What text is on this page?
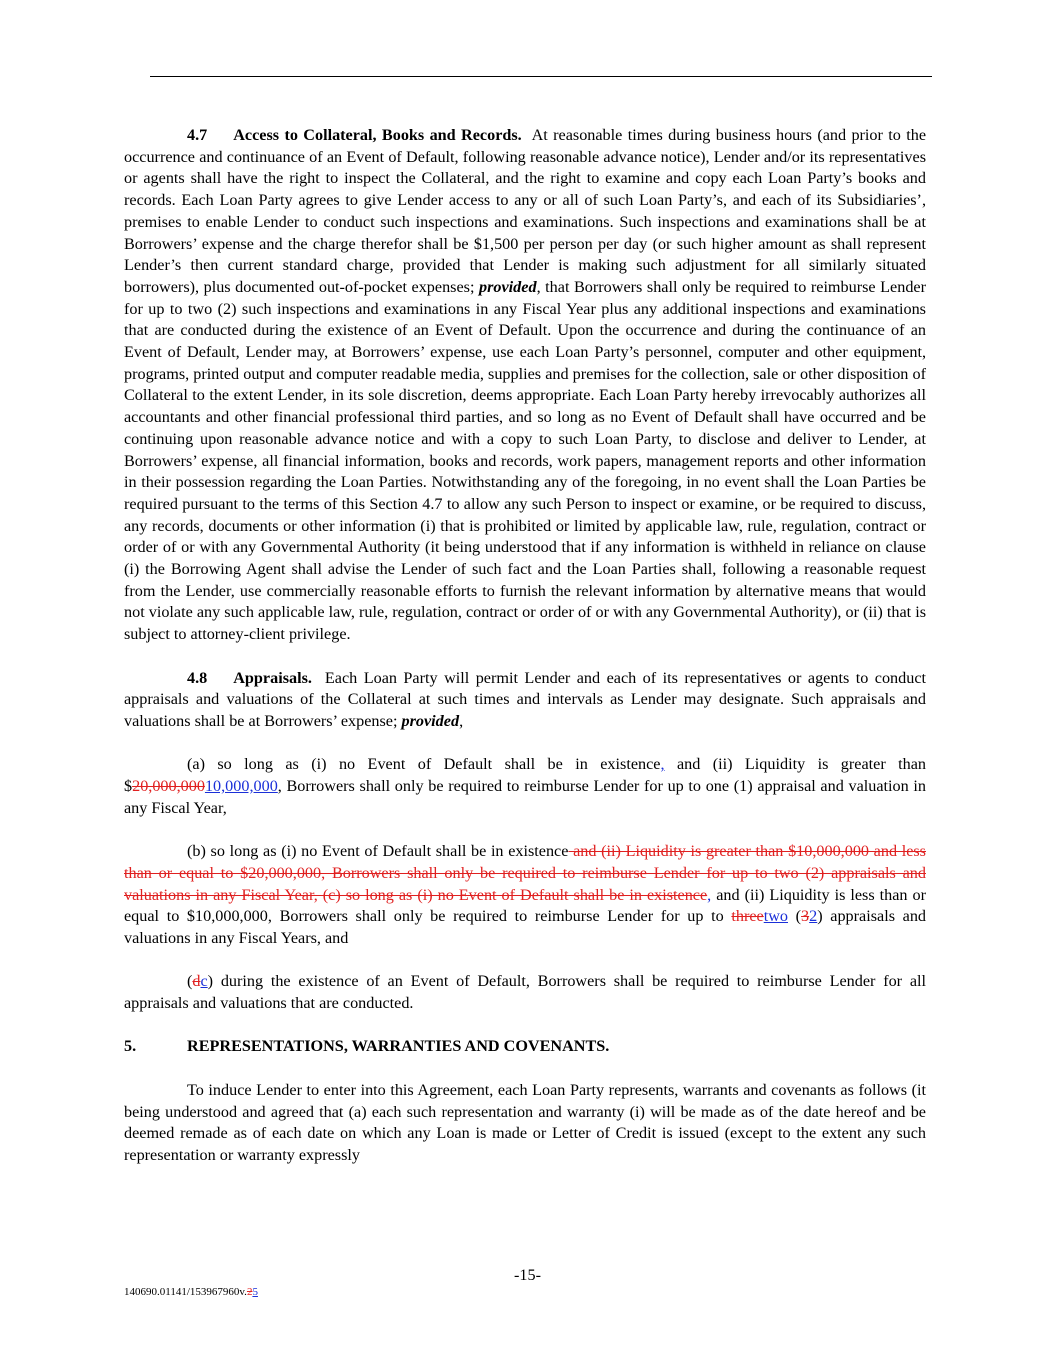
4.7 Access to Collateral, Books and Records. At reasonable times during business hours (and prior to the occurrence and continuance of an Event of Default, following reasonable advance notice), Lender and/or its representatives or agents shall have the right to inspect the Collateral, and the right to examine and copy each Loan Party’s books and records. Each Loan Party agrees to give Lender access to any or all of such Loan Party’s, and each of its Subsidiaries’, premises to enable Lender to conduct such inspections and examinations. Such inspections and examinations shall be at Borrowers’ expense and the charge therefor shall be $1,500 per person per day (or such higher amount as shall represent Lender’s then current standard charge, provided that Lender is making such adjustment for all similarly situated borrowers), plus documented out-of-pocket expenses; provided, that Borrowers shall only be required to reimburse Lender for up to two (2) such inspections and examinations in any Fiscal Year plus any additional inspections and examinations that are conducted during the existence of an Event of Default. Upon the occurrence and during the continuance of an Event of Default, Lender may, at Borrowers’ expense, use each Loan Party’s personnel, computer and other equipment, programs, printed output and computer readable media, supplies and premises for the collection, sale or other disposition of Collateral to the extent Lender, in its sole discretion, deems appropriate. Each Loan Party hereby irrevocably authorizes all accountants and other financial professional third parties, and so long as no Event of Default shall have occurred and be continuing upon reasonable advance notice and with a copy to such Loan Party, to disclose and deliver to Lender, at Borrowers’ expense, all financial information, books and records, work papers, management reports and other information in their possession regarding the Loan Parties. Notwithstanding any of the foregoing, in no event shall the Loan Parties be required pursuant to the terms of this Section 4.7 to allow any such Person to inspect or examine, or be required to discuss, any records, documents or other information (i) that is prohibited or limited by applicable law, rule, regulation, contract or order of or with any Governmental Authority (it being understood that if any information is withheld in reliance on clause (i) the Borrowing Agent shall advise the Lender of such fact and the Loan Parties shall, following a reasonable request from the Lender, use commercially reasonable efforts to furnish the relevant information by alternative means that would not violate any such applicable law, rule, regulation, contract or order of or with any Governmental Authority), or (ii) that is subject to attorney-client privilege.

4.8 Appraisals. Each Loan Party will permit Lender and each of its representatives or agents to conduct appraisals and valuations of the Collateral at such times and intervals as Lender may designate. Such appraisals and valuations shall be at Borrowers’ expense; provided,

(a) so long as (i) no Event of Default shall be in existence, and (ii) Liquidity is greater than $20,000,00010,000,000, Borrowers shall only be required to reimburse Lender for up to one (1) appraisal and valuation in any Fiscal Year,

(b) so long as (i) no Event of Default shall be in existence and (ii) Liquidity is greater than $10,000,000 and less than or equal to $20,000,000, Borrowers shall only be required to reimburse Lender for up to two (2) appraisals and valuations in any Fiscal Year, (c) so long as (i) no Event of Default shall be in existence, and (ii) Liquidity is less than or equal to $10,000,000, Borrowers shall only be required to reimburse Lender for up to threetwo (32) appraisals and valuations in any Fiscal Years, and

(dc) during the existence of an Event of Default, Borrowers shall be required to reimburse Lender for all appraisals and valuations that are conducted.

5.	REPRESENTATIONS, WARRANTIES AND COVENANTS.

To induce Lender to enter into this Agreement, each Loan Party represents, warrants and covenants as follows (it being understood and agreed that (a) each such representation and warranty (i) will be made as of the date hereof and be deemed remade as of each date on which any Loan is made or Letter of Credit is issued (except to the extent any such representation or warranty expressly

-15-
140690.01141/153967960v.25
